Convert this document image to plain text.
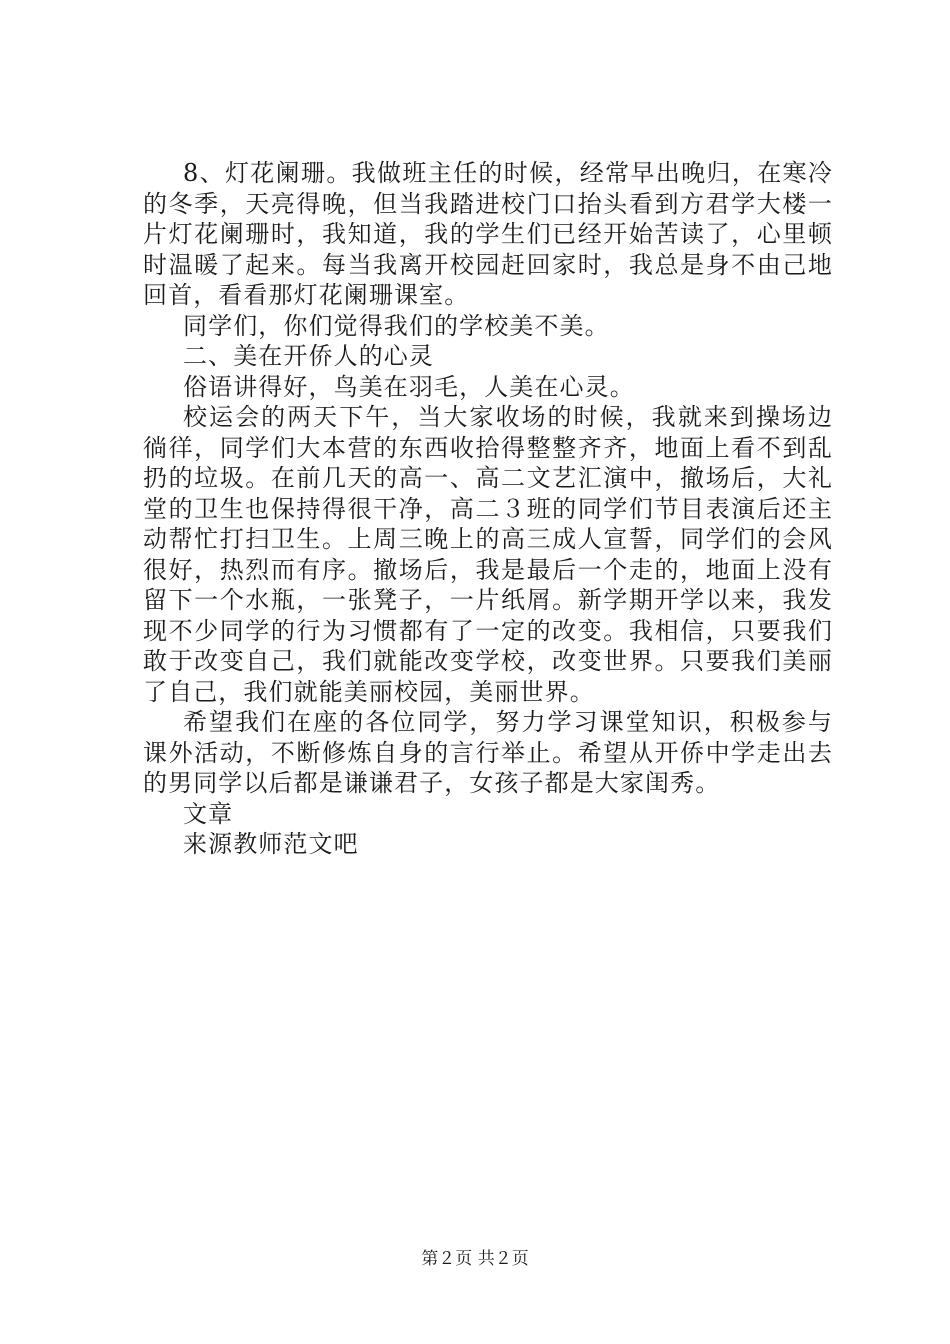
8、灯花阑珊。我做班主任的时候，经常早出晚归，在寒冷的冬季，天亮得晚，但当我踏进校门口抬头看到方君学大楼一片灯花阑珊时，我知道，我的学生们已经开始苦读了，心里顿时温暖了起来。每当我离开校园赶回家时，我总是身不由己地回首，看看那灯花阑珊课室。

同学们，你们觉得我们的学校美不美。

二、美在开侨人的心灵

俗语讲得好，鸟美在羽毛，人美在心灵。

校运会的两天下午，当大家收场的时候，我就来到操场边徜徉，同学们大本营的东西收拾得整整齐齐，地面上看不到乱扔的垃圾。在前几天的高一、高二文艺汇演中，撤场后，大礼堂的卫生也保持得很干净，高二３班的同学们节目表演后还主动帮忙打扫卫生。上周三晚上的高三成人宣誓，同学们的会风很好，热烈而有序。撤场后，我是最后一个走的，地面上没有留下一个水瓶，一张凳子，一片纸屑。新学期开学以来，我发现不少同学的行为习惯都有了一定的改变。我相信，只要我们敢于改变自己，我们就能改变学校，改变世界。只要我们美丽了自己，我们就能美丽校园，美丽世界。

希望我们在座的各位同学，努力学习课堂知识，积极参与课外活动，不断修炼自身的言行举止。希望从开侨中学走出去的男同学以后都是谦谦君子，女孩子都是大家闺秀。

文章

来源教师范文吧

第２页 共２页
